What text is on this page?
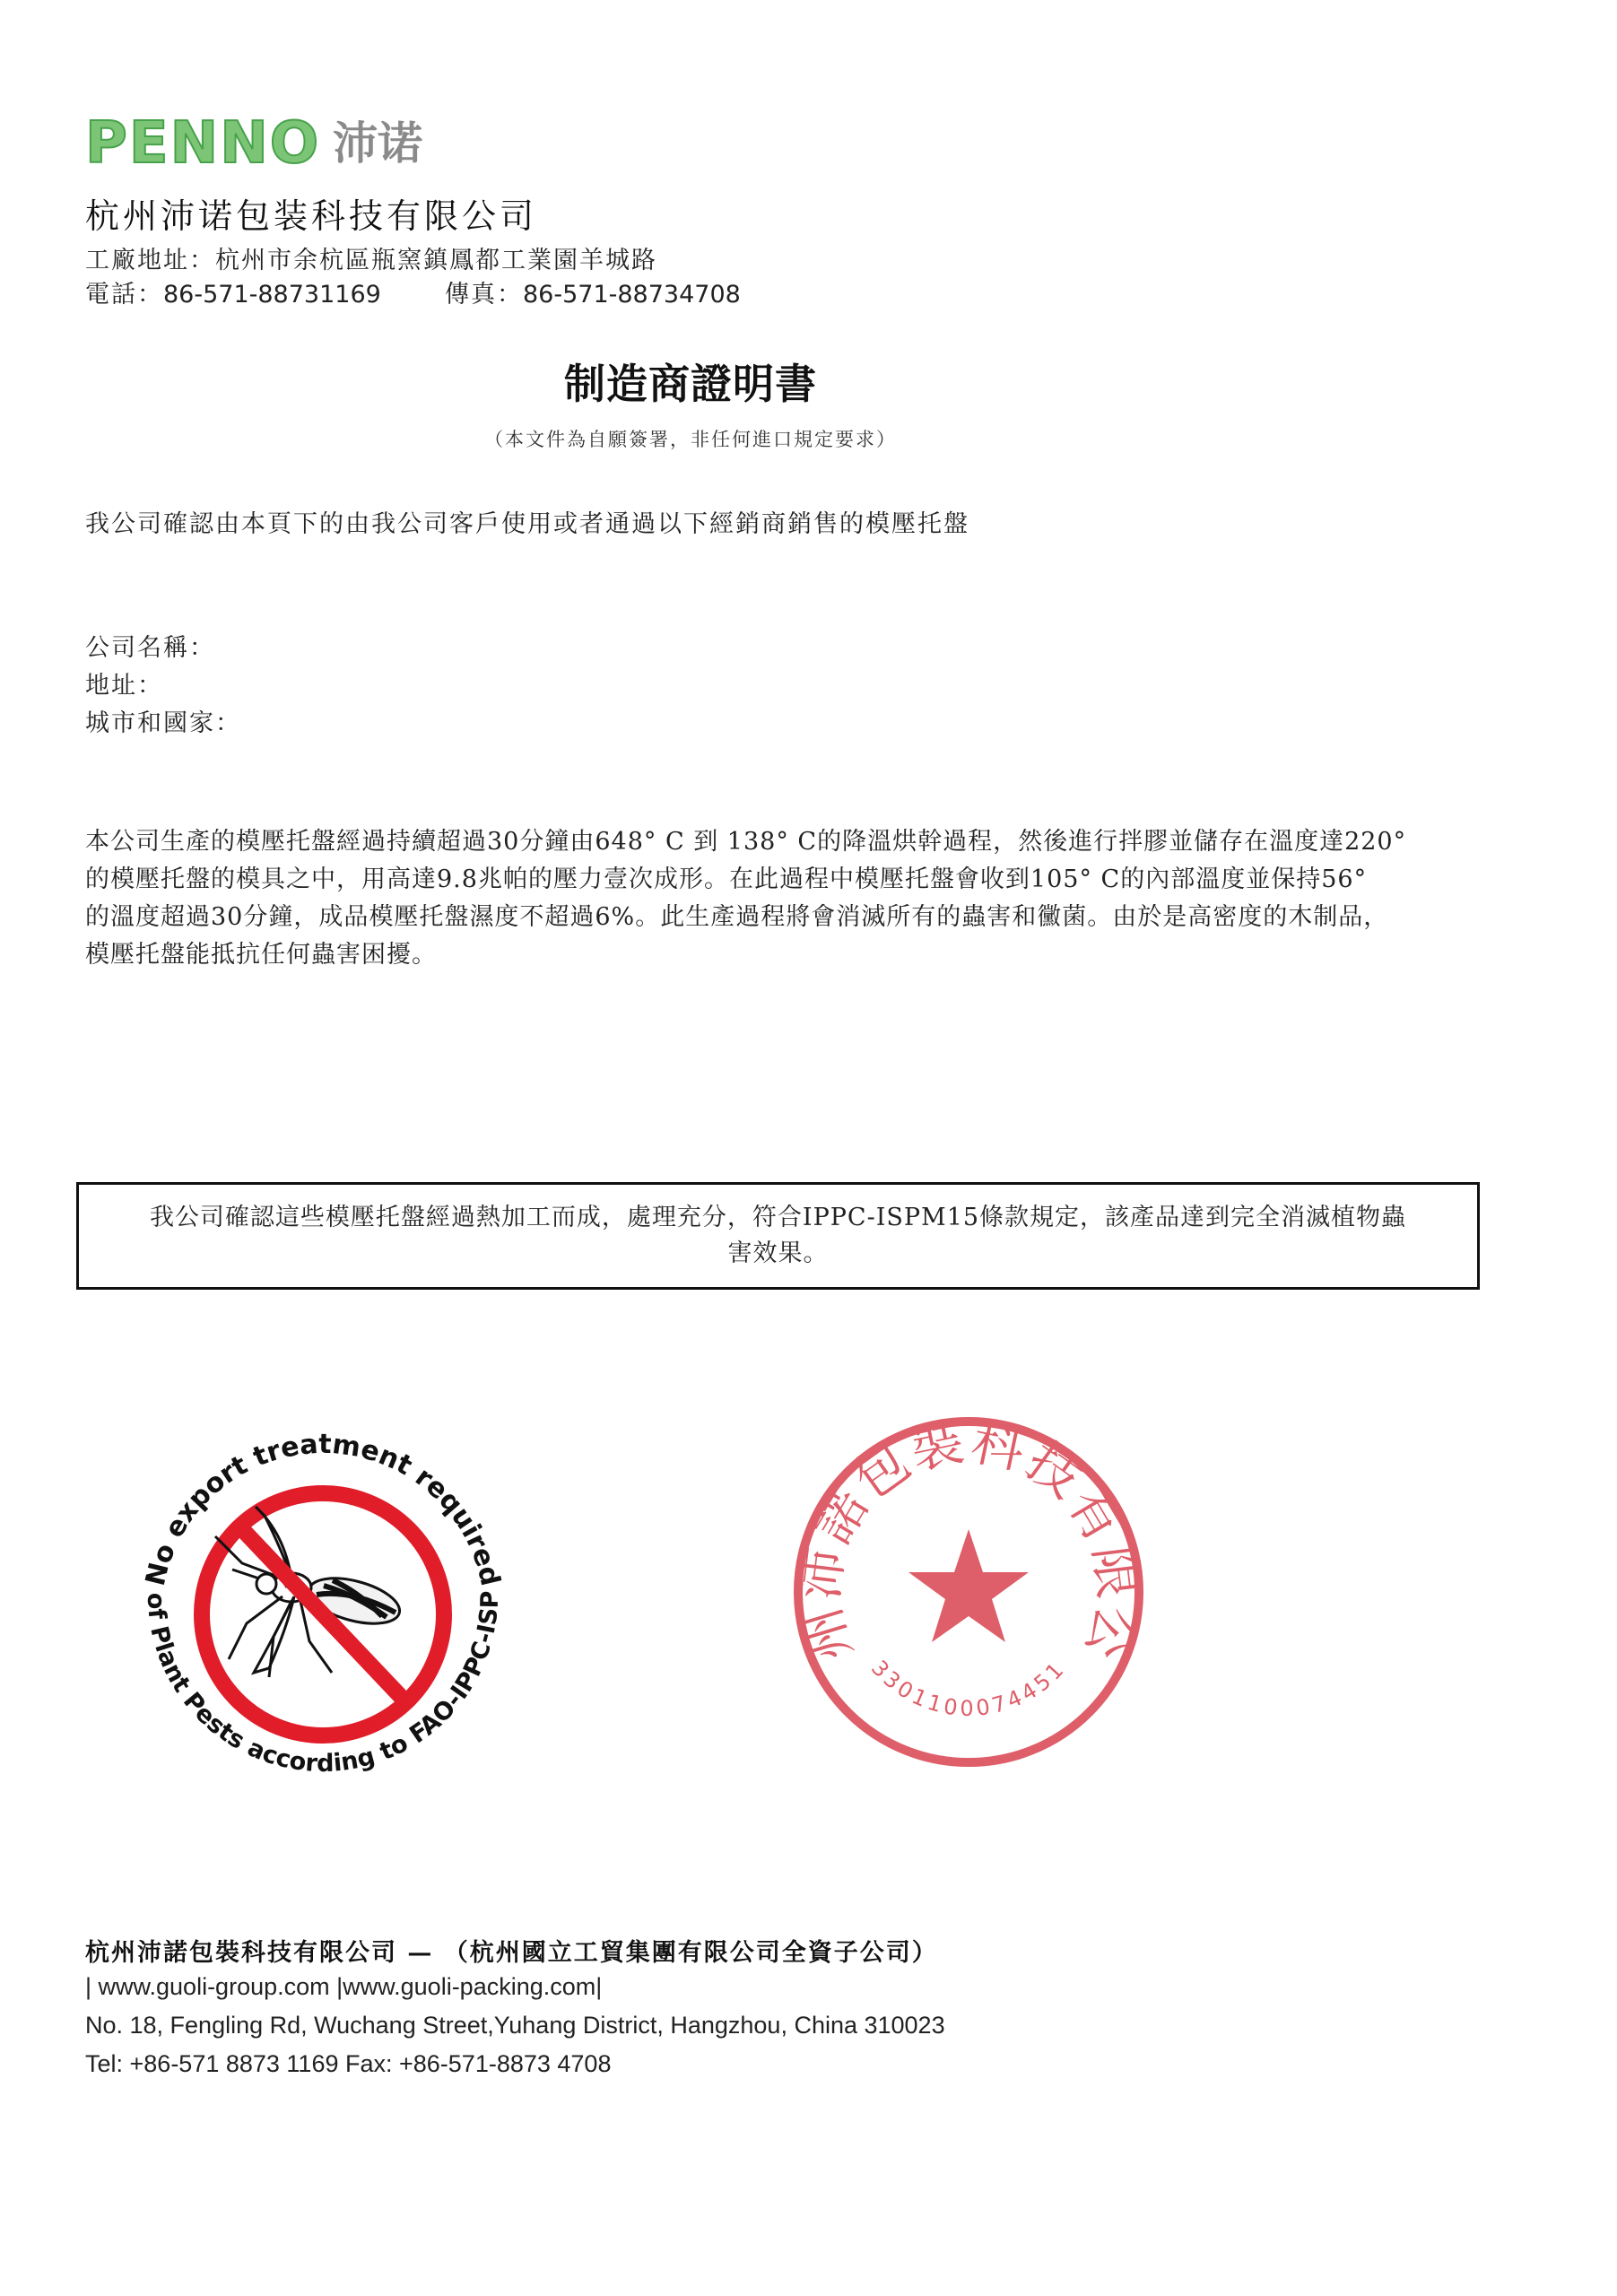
PENNO 沛诺
杭州沛诺包装科技有限公司
工廠地址：杭州市余杭區瓶窯鎮鳳都工業園羊城路
電話：86-571-88731169	傳真：86-571-88734708
制造商證明書
（本文件為自願簽署，非任何進口規定要求）
我公司確認由本頁下的由我公司客戶使用或者通過以下經銷商銷售的模壓托盤
公司名稱：
地址：
城市和國家：
本公司生產的模壓托盤經過持續超過30分鐘由648° C 到 138° C的降溫烘幹過程，然後進行拌膠並儲存在溫度達220°
的模壓托盤的模具之中，用高達9.8兆帕的壓力壹次成形。在此過程中模壓托盤會收到105° C的內部溫度並保持56°
的溫度超過30分鐘，成品模壓托盤濕度不超過6%。此生產過程將會消滅所有的蟲害和黴菌。由於是高密度的木制品，
模壓托盤能抵抗任何蟲害困擾。

我公司確認這些模壓托盤經過熱加工而成，處理充分，符合IPPC-ISPM15條款規定，該產品達到完全消滅植物蟲
害效果。

No export treatment required
of Plant Pests according to FAO-IPPC-ISP	州沛諾包裝科技有限公
3301100074451
杭州沛諾包裝科技有限公司 — （杭州國立工貿集團有限公司全資子公司）
| www.guoli-group.com |www.guoli-packing.com|
No. 18, Fengling Rd, Wuchang Street,Yuhang District, Hangzhou, China 310023
Tel: +86-571 8873 1169 Fax: +86-571-8873 4708
